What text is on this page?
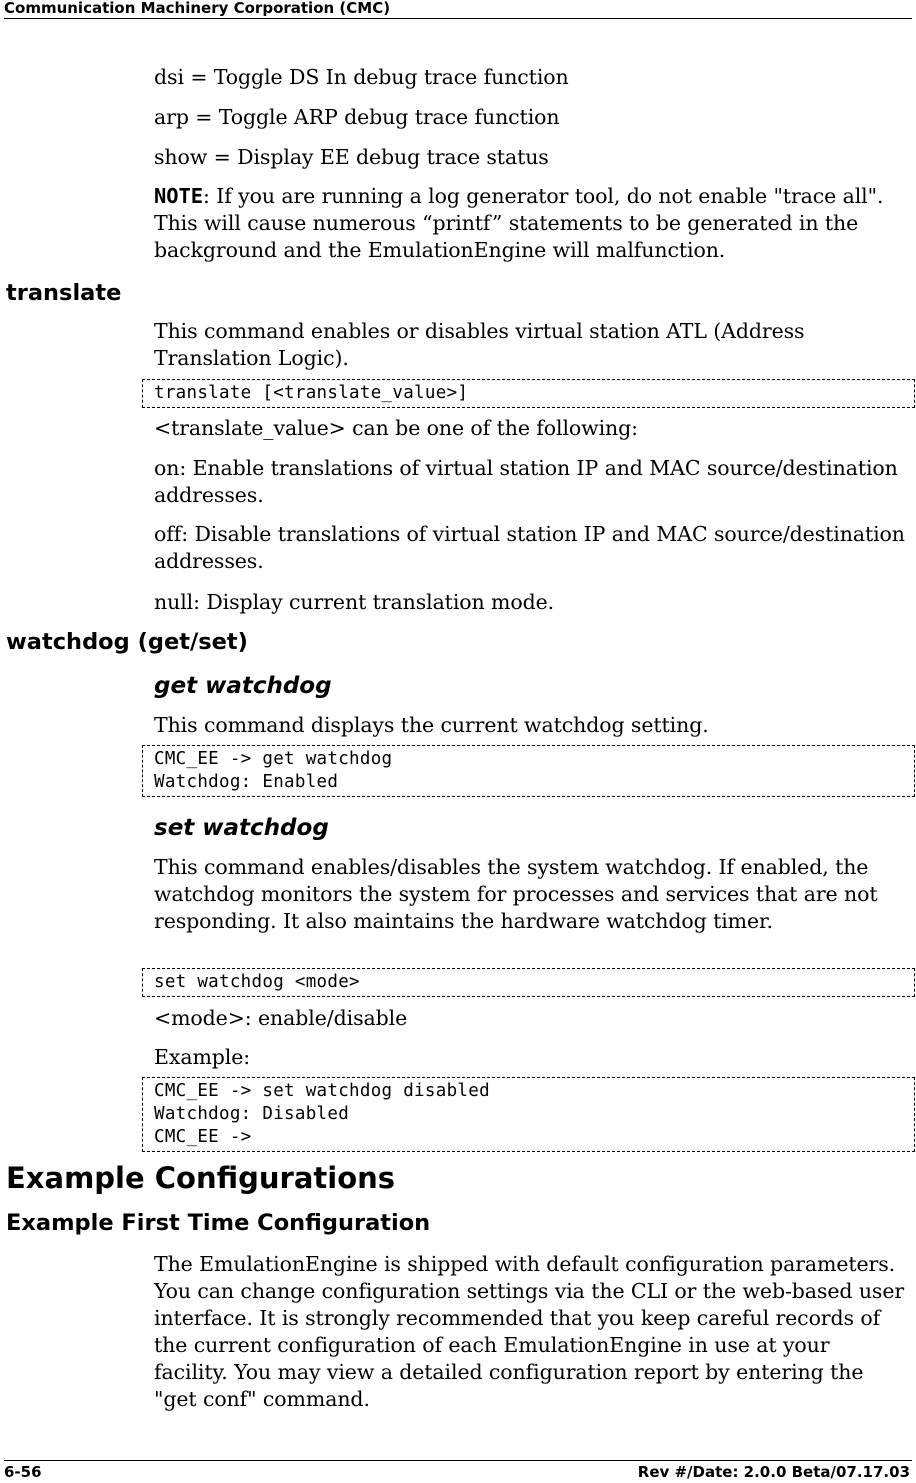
Communication Machinery Corporation (CMC)
dsi = Toggle DS In debug trace function
arp = Toggle ARP debug trace function
show = Display EE debug trace status
NOTE: If you are running a log generator tool, do not enable "trace all". This will cause numerous “printf” statements to be generated in the background and the EmulationEngine will malfunction.
translate
This command enables or disables virtual station ATL (Address Translation Logic).
translate [<translate_value>]
<translate_value> can be one of the following:
on: Enable translations of virtual station IP and MAC source/destination addresses.
off: Disable translations of virtual station IP and MAC source/destination addresses.
null: Display current translation mode.
watchdog (get/set)
get watchdog
This command displays the current watchdog setting.
CMC_EE -> get watchdog
Watchdog: Enabled
set watchdog
This command enables/disables the system watchdog. If enabled, the watchdog monitors the system for processes and services that are not responding. It also maintains the hardware watchdog timer.
set watchdog <mode>
<mode>: enable/disable
Example:
CMC_EE -> set watchdog disabled
Watchdog: Disabled
CMC_EE ->
Example Configurations
Example First Time Configuration
The EmulationEngine is shipped with default configuration parameters. You can change configuration settings via the CLI or the web-based user interface. It is strongly recommended that you keep careful records of the current configuration of each EmulationEngine in use at your facility. You may view a detailed configuration report by entering the "get conf" command.
6-56	Rev #/Date: 2.0.0 Beta/07.17.03
